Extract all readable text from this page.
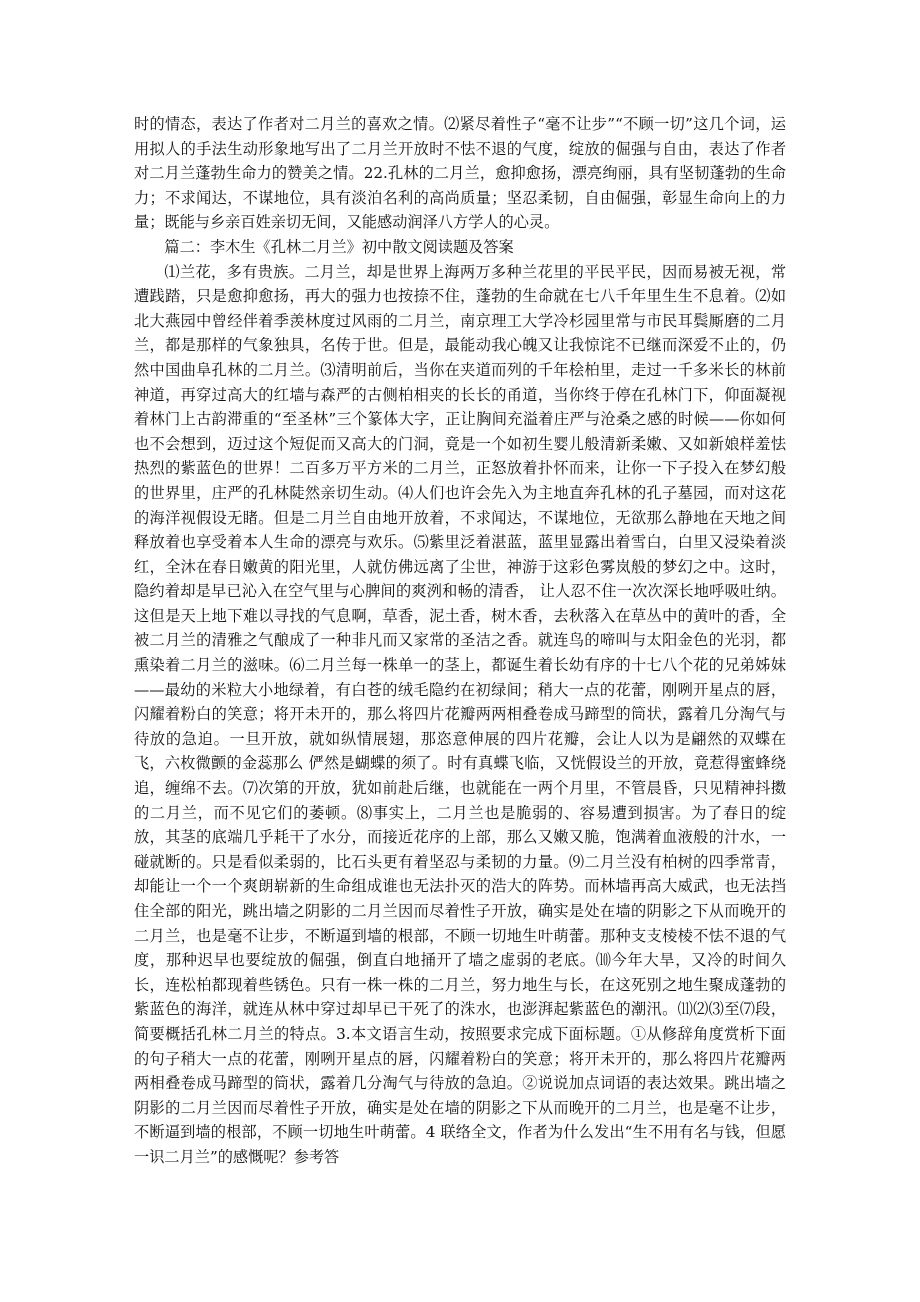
时的情态，表达了作者对二月兰的喜欢之情。⑵紧尽着性子“毫不让步”“不顾一切”这几个词，运用拟人的手法生动形象地写出了二月兰开放时不怯不退的气度，绽放的倔强与自由，表达了作者对二月兰蓬勃生命力的赞美之情。22.孔林的二月兰，愈抑愈扬，漂亮绚丽，具有坚韧蓬勃的生命力；不求闻达，不谋地位，具有淡泊名利的高尚质量；坚忍柔韧，自由倔强，彰显生命向上的力量；既能与乡亲百姓亲切无间，又能感动润泽八方学人的心灵。

篇二：李木生《孔林二月兰》初中散文阅读题及答案

⑴兰花，多有贵族。二月兰，却是世界上海两万多种兰花里的平民平民，因而易被无视，常遭践踏，只是愈抑愈扬，再大的强力也按捺不住，蓬勃的生命就在七八千年里生生不息着。⑵如北大燕园中曾经伴着季羡林度过风雨的二月兰，南京理工大学冷杉园里常与市民耳鬓厮磨的二月兰，都是那样的气象独具，名传于世。但是，最能动我心魄又让我惊诧不已继而深爱不止的，仍然中国曲阜孔林的二月兰。⑶清明前后，当你在夹道而列的千年桧柏里，走过一千多米长的林前神道，再穿过高大的红墙与森严的古侧柏相夹的长长的甬道，当你终于停在孔林门下，仰面凝视着林门上古韵滞重的“至圣林”三个篆体大字，正让胸间充溢着庄严与沧桑之感的时候——你如何也不会想到，迈过这个短促而又高大的门洞，竟是一个如初生婴儿般清新柔嫩、又如新娘样羞怯热烈的紫蓝色的世界！二百多万平方米的二月兰，正怒放着扑怀而来，让你一下子投入在梦幻般的世界里，庄严的孔林陡然亲切生动。⑷人们也许会先入为主地直奔孔林的孔子墓园，而对这花的海洋视假设无睹。但是二月兰自由地开放着，不求闻达，不谋地位，无欲那么静地在天地之间释放着也享受着本人生命的漂亮与欢乐。⑸紫里泛着湛蓝，蓝里显露出着雪白，白里又浸染着淡红，全沐在春日嫩黄的阳光里，人就仿佛远离了尘世，神游于这彩色雾岚般的梦幻之中。这时，隐约着却是早已沁入在空气里与心脾间的爽洌和畅的清香， 让人忍不住一次次深长地呼吸吐纳。这但是天上地下难以寻找的气息啊，草香，泥土香，树木香，去秋落入在草丛中的黄叶的香，全被二月兰的清雅之气酿成了一种非凡而又家常的圣洁之香。就连鸟的啼叫与太阳金色的光羽，都熏染着二月兰的滋味。⑹二月兰每一株单一的茎上，都诞生着长幼有序的十七八个花的兄弟姊妹——最幼的米粒大小地绿着，有白苍的绒毛隐约在初绿间；稍大一点的花蕾，刚咧开星点的唇，闪耀着粉白的笑意；将开未开的，那么将四片花瓣两两相叠卷成马蹄型的筒状，露着几分淘气与待放的急迫。一旦开放，就如纵情展翅，那恣意伸展的四片花瓣，会让人以为是翩然的双蝶在飞，六枚微颤的金蕊那么 俨然是蝴蝶的须了。时有真蝶飞临，又恍假设兰的开放，竟惹得蜜蜂绕追，缠绵不去。⑺次第的开放，犹如前赴后继，也就能在一两个月里，不管晨昏，只见精神抖擞的二月兰，而不见它们的萎顿。⑻事实上，二月兰也是脆弱的、容易遭到损害。为了春日的绽放，其茎的底端几乎耗干了水分，而接近花序的上部，那么又嫩又脆，饱满着血液般的汁水，一碰就断的。只是看似柔弱的，比石头更有着坚忍与柔韧的力量。⑼二月兰没有柏树的四季常青，却能让一个一个爽朗崭新的生命组成谁也无法扑灭的浩大的阵势。而林墙再高大威武，也无法挡住全部的阳光，跳出墙之阴影的二月兰因而尽着性子开放，确实是处在墙的阴影之下从而晚开的二月兰，也是毫不让步，不断逼到墙的根部，不顾一切地生叶萌蕾。那种支支棱棱不怯不退的气度，那种迟早也要绽放的倔强，倒直白地捅开了墙之虚弱的老底。⑽今年大旱，又冷的时间久长，连松柏都现着些锈色。只有一株一株的二月兰，努力地生与长，在这死别之地生聚成蓬勃的紫蓝色的海洋，就连从林中穿过却早已干死了的洙水，也澎湃起紫蓝色的潮汛。⑾⑵⑶至⑺段，简要概括孔林二月兰的特点。3.本文语言生动，按照要求完成下面标题。①从修辞角度赏析下面的句子稍大一点的花蕾，刚咧开星点的唇，闪耀着粉白的笑意；将开未开的，那么将四片花瓣两两相叠卷成马蹄型的筒状，露着几分淘气与待放的急迫。②说说加点词语的表达效果。跳出墙之阴影的二月兰因而尽着性子开放，确实是处在墙的阴影之下从而晚开的二月兰，也是毫不让步，不断逼到墙的根部，不顾一切地生叶萌蕾。4 联络全文，作者为什么发出“生不用有名与钱，但愿一识二月兰”的感慨呢？参考答
